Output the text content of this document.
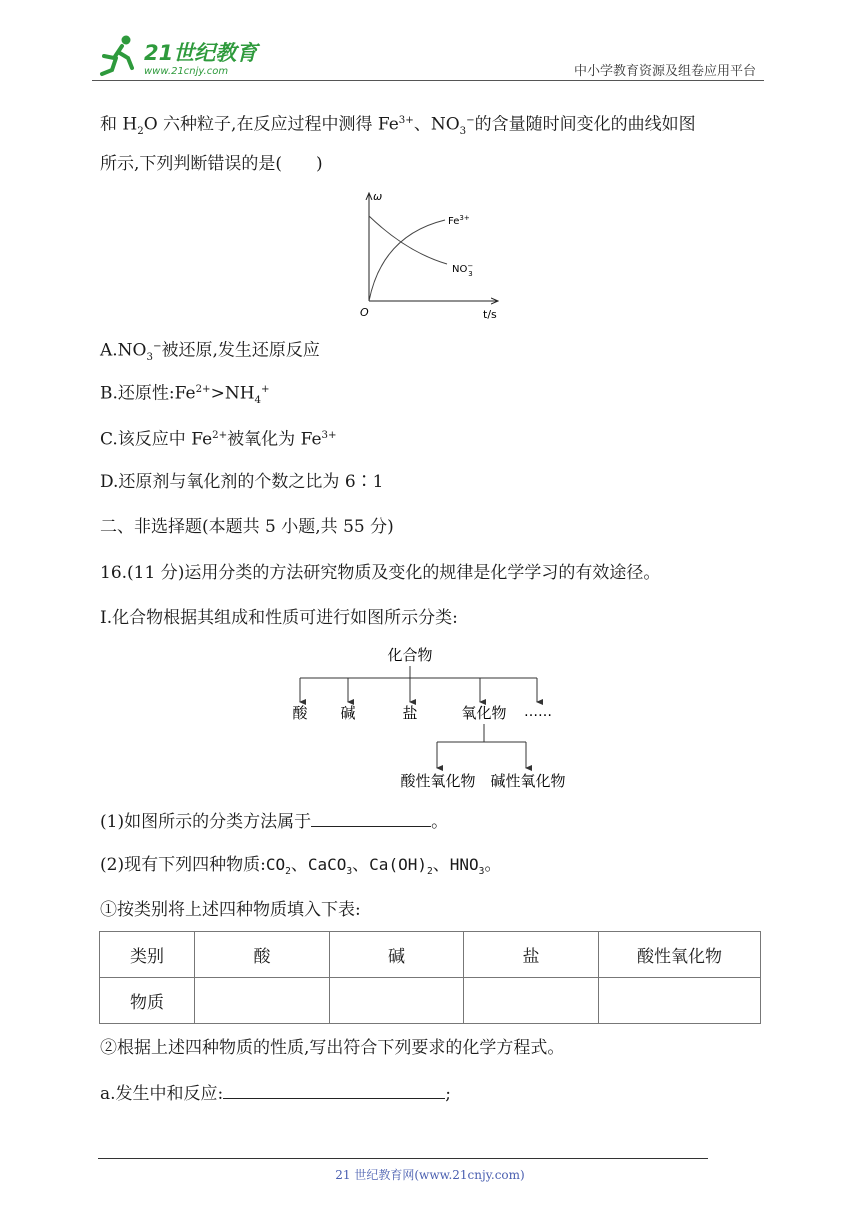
21世纪教育
www.21cnjy.com	中小学教育资源及组卷应用平台
和 $H_2O$ 六种粒子,在反应过程中测得 $Fe^{3+}$、$NO_3^-$的含量随时间变化的曲线如图
所示,下列判断错误的是(　　)
ω
O	t/s
$Fe^{3+}$
NO− 3
$A.NO_3^-$被还原,发生还原反应
B.还原性$:Fe^{2+}>NH_4^+$
C.该反应中 $Fe^{2+}$被氧化为 $Fe^{3+}$
D.还原剂与氧化剂的个数之比为 6∶1
二、非选择题(本题共 5 小题,共 55 分)
16.(11 分)运用分类的方法研究物质及变化的规律是化学学习的有效途径。
Ⅰ.化合物根据其组成和性质可进行如图所示分类:
化合物
酸 碱	盐	氧化物 ……
酸性氧化物 碱性氧化物
(1)如图所示的分类方法属于	。
(2)现有下列四种物质$:CO_2$、CaCO$_3$、$Ca(OH)_2$、$HNO_3$。
①按类别将上述四种物质填入下表:
类别	酸	碱	盐	酸性氧化物
物质				
②根据上述四种物质的性质,写出符合下列要求的化学方程式。
a.发生中和反应:	;
21 世纪教育网(www.21cnjy.com)
